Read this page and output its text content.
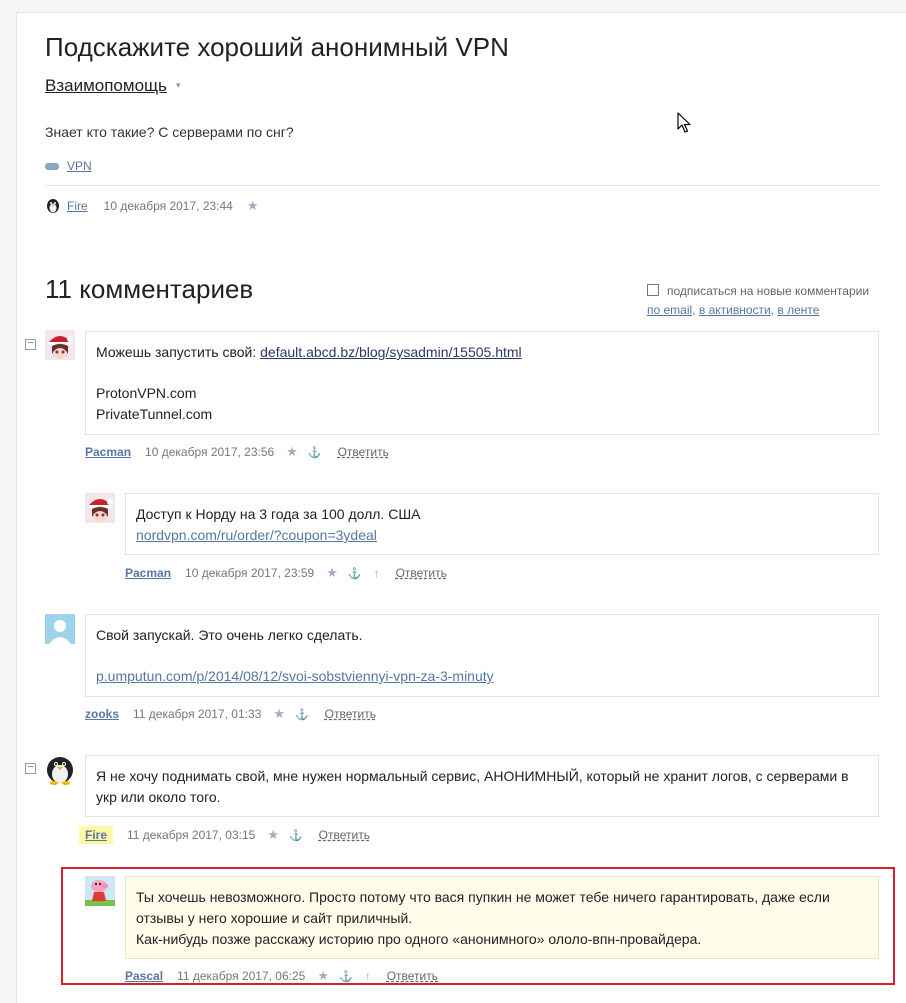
Подскажите хороший анонимный VPN
Взаимопомощь ▾
Знает кто такие? С серверами по снг?
VPN
Fire 10 декабря 2017, 23:44 ★
11 комментариев	подписаться на новые комментарии
по email, в активности, в ленте
−
Можешь запустить свой: default.abcd.bz/blog/sysadmin/15505.html
ProtonVPN.com
PrivateTunnel.com
Pacman 10 декабря 2017, 23:56 ★ ⚓ Ответить
Доступ к Норду на 3 года за 100 долл. США
nordvpn.com/ru/order/?coupon=3ydeal
Pacman 10 декабря 2017, 23:59 ★ ⚓ ↑ Ответить
Свой запускай. Это очень легко сделать.
p.umputun.com/p/2014/08/12/svoi-sobstviennyi-vpn-za-3-minuty
zooks 11 декабря 2017, 01:33 ★ ⚓ Ответить
−
Я не хочу поднимать свой, мне нужен нормальный сервис, АНОНИМНЫЙ, который не хранит логов, с серверами в укр или около того.
Fire	11 декабря 2017, 03:15 ★ ⚓ Ответить
Ты хочешь невозможного. Просто потому что вася пупкин не может тебе ничего гарантировать, даже если отзывы у него хорошие и сайт приличный.
Как-нибудь позже расскажу историю про одного «анонимного» ололо-впн-провайдера.
Pascal 11 декабря 2017, 06:25 ★ ⚓ ↑ Ответить
